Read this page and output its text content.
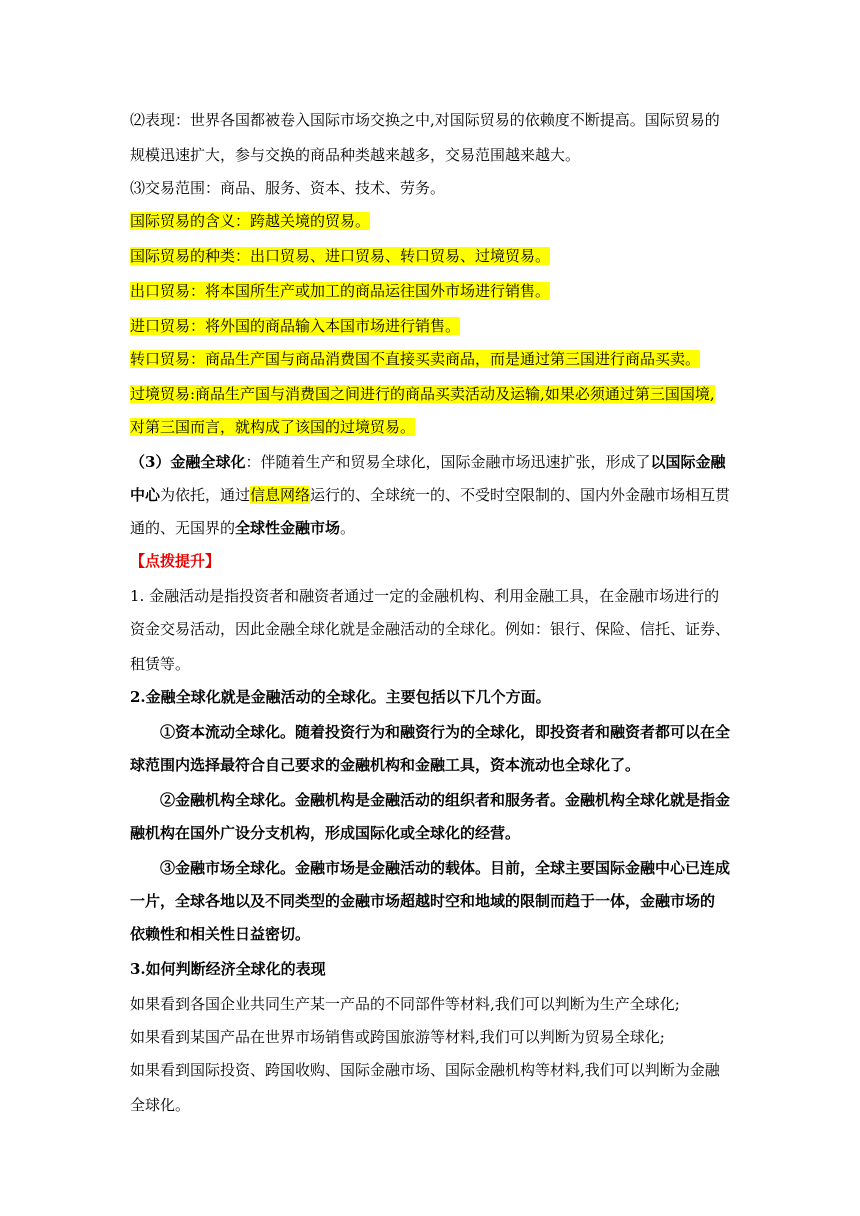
⑵表现：世界各国都被卷入国际市场交换之中,对国际贸易的依赖度不断提高。国际贸易的
规模迅速扩大，参与交换的商品种类越来越多，交易范围越来越大。
⑶交易范围：商品、服务、资本、技术、劳务。
国际贸易的含义：跨越关境的贸易。
国际贸易的种类：出口贸易、进口贸易、转口贸易、过境贸易。
出口贸易：将本国所生产或加工的商品运往国外市场进行销售。
进口贸易：将外国的商品输入本国市场进行销售。
转口贸易：商品生产国与商品消费国不直接买卖商品，而是通过第三国进行商品买卖。
过境贸易:商品生产国与消费国之间进行的商品买卖活动及运输,如果必须通过第三国国境,
对第三国而言，就构成了该国的过境贸易。
（3）金融全球化：伴随着生产和贸易全球化，国际金融市场迅速扩张，形成了以国际金融
中心为依托，通过信息网络运行的、全球统一的、不受时空限制的、国内外金融市场相互贯
通的、无国界的全球性金融市场。
【点拨提升】
1. 金融活动是指投资者和融资者通过一定的金融机构、利用金融工具，在金融市场进行的
资金交易活动，因此金融全球化就是金融活动的全球化。例如：银行、保险、信托、证券、
租赁等。
2.金融全球化就是金融活动的全球化。主要包括以下几个方面。
①资本流动全球化。随着投资行为和融资行为的全球化，即投资者和融资者都可以在全
球范围内选择最符合自己要求的金融机构和金融工具，资本流动也全球化了。
②金融机构全球化。金融机构是金融活动的组织者和服务者。金融机构全球化就是指金
融机构在国外广设分支机构，形成国际化或全球化的经营。
③金融市场全球化。金融市场是金融活动的载体。目前，全球主要国际金融中心已连成
一片，全球各地以及不同类型的金融市场超越时空和地域的限制而趋于一体，金融市场的
依赖性和相关性日益密切。
3.如何判断经济全球化的表现
如果看到各国企业共同生产某一产品的不同部件等材料,我们可以判断为生产全球化;
如果看到某国产品在世界市场销售或跨国旅游等材料,我们可以判断为贸易全球化;
如果看到国际投资、跨国收购、国际金融市场、国际金融机构等材料,我们可以判断为金融
全球化。
